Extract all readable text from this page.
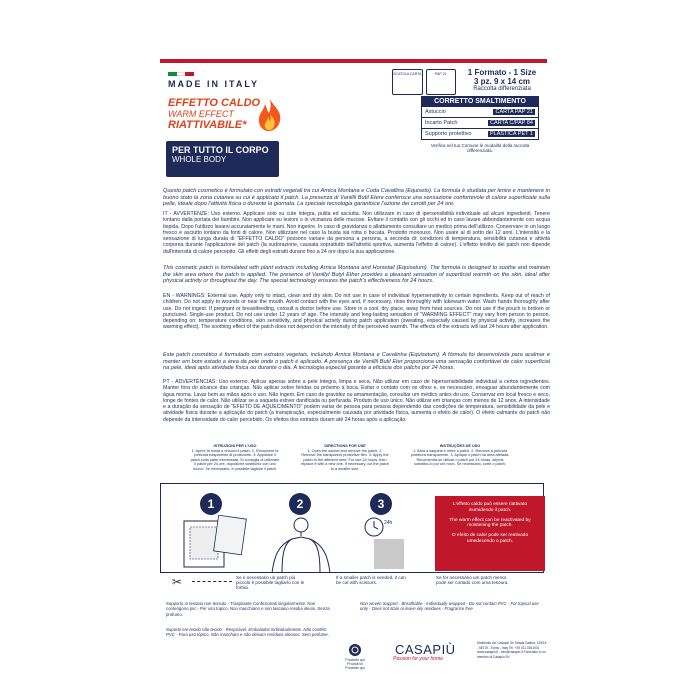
MADE IN ITALY
EFFETTO CALDO
WARM EFFECT
RIATTIVABILE*
PER TUTTO IL CORPO
WHOLE BODY
SCATOLA CARTA	PAP 21	1 Formato - 1 Size
3 pz. 9 x 14 cm
Raccolta differenziata
CORRETTO SMALTIMENTO
Astuccio	CARTA PAP 21
Incarto Patch	CARTA C/PAP 84
Supporto protettivo	PLASTICA PET 1
Verifica nel tuo Comune le modalità della raccolta differenziata.
Questo patch cosmetico è formulato con estratti vegetali tra cui Arnica Montana e Coda Cavallina (Equiseto). La formula è studiata per lenire e mantenere in buono stato la zona cutanea su cui è applicato il patch. La presenza di Vanillil Butil Etere conferisce una sensazione confortevole di calore superficiale sulla pelle, ideale dopo l'attività fisica o durante la giornata. La speciale tecnologia garantisce l'azione dei cerotti per 24 ore.
IT - AVVERTENZE: Uso esterno. Applicare solo su cute integra, pulita ed asciutta. Non utilizzare in caso di ipersensibilità individuale ad alcuni ingredienti. Tenere lontano dalla portata dei bambini. Non applicare su lesioni o in vicinanza delle mucose. Evitare il contatto con gli occhi ed in caso lavare abbondantemente con acqua tiepida. Dopo l'utilizzo lavarsi accuratamente le mani. Non ingerire. In caso di gravidanza o allattamento consultare un medico prima dell'utilizzo. Conservare in un luogo fresco e asciutto lontano da fonti di calore. Non utilizzare nel caso la busta sia rotta o bucata. Prodotto monouso. Non usare al di sotto dei 12 anni. L'intensità e la sensazione di lunga durata di "EFFETTO CALDO" possono variare da persona a persona, a seconda di: condizioni di temperatura, sensibilità cutanea e attività corporea durante l'applicazione del patch (la sudorazione, causata soprattutto dall'attività sportiva, aumenta l'effetto di calore). L'effetto lenitivo del patch non dipende dall'intensità di calore percepito. Gli effetti degli estratti durano fino a 24 ore dopo la sua applicazione.
This cosmetic patch is formulated with plant extracts including Arnica Montana and Horsetail (Equisetum). The formula is designed to soothe and maintain the skin area where the patch is applied. The presence of Vanillyl Butyl Ether provides a pleasant sensation of superficial warmth on the skin, ideal after physical activity or throughout the day. The special technology ensures the patch's effectiveness for 24 hours.
EN - WARNINGS: External use. Apply only to intact, clean and dry skin. Do not use in case of individual hypersensitivity to certain ingredients. Keep out of reach of children. Do not apply to wounds or near the mouth. Avoid contact with the eyes and, if necessary, rinse thoroughly with lukewarm water. Wash hands thoroughly after use. Do not ingest. If pregnant or breastfeeding, consult a doctor before use. Store in a cool, dry place, away from heat sources. Do not use if the pouch is broken or punctured. Single-use product. Do not use under 12 years of age. The intensity and long-lasting sensation of "WARMING EFFECT" may vary from person to person, depending on: temperature conditions, skin sensitivity, and physical activity during patch application (sweating, especially caused by physical activity, increases the warming effect). The soothing effect of the patch does not depend on the intensity of the perceived warmth. The effects of the extracts will last 24 hours after application.
Este patch cosmético é formulado com extratos vegetais, incluindo Arnica Montana e Cavalinha (Equisetum). A fórmula foi desenvolvida para acalmar e manter em bom estado a área da pele onde o patch é aplicado. A presença de Vanillil Butil Eter proporciona uma sensação confortável de calor superficial na pele, ideal após atividade física ou durante o dia. A tecnologia especial garante a eficácia dos patchs por 24 horas.
PT - ADVERTÊNCIAS: Uso externo. Aplicar apenas sobre a pele íntegra, limpa e seca. Não utilizar em caso de hipersensibilidade individual a certos ingredientes. Manter fora do alcance das crianças. Não aplicar sobre feridas ou próximo à boca. Evitar o contato com os olhos e, se necessário, enxaguar abundantemente com água morna. Lavar bem as mãos após o uso. Não ingerir. Em caso de gravidez ou amamentação, consultar um médico antes do uso. Conservar em local fresco e seco, longe de fontes de calor. Não utilizar se a saqueta estiver danificada ou perfurada. Produto de uso único. Não utilizar em crianças com menos de 12 anos. A intensidade e a duração da sensação de "EFEITO DE AQUECIMENTO" podem variar de pessoa para pessoa dependendo das condições de temperatura, sensibilidade da pele e atividade física durante a aplicação do patch (a transpiração, especialmente causada por atividade física, aumenta o efeito de calor). O efeito calmante do patch não depende da intensidade do calor percebido. Os efeitos dos extratos duram até 24 horas após a aplicação.
ISTRUZIONI PER L'USO
1. Aprire la busta e rimuovi il patch. 2. Rimuovere la pellicola trasparente di protezione. 3. Applicare il patch sulla parte interessata. Si consiglia di utilizzare il patch per 24 ore, dopodiché sostituirlo con uno nuovo. Se necessario, è possibile tagliare il patch.
DIRECTIONS FOR USE
1. Open the sachet and remove the patch. 2. Remove the transparent protective film. 3. Apply the patch to the affected area. For use 24 hours, then replace it with a new one. If necessary, cut the patch to a smaller size.
INSTRUÇÕES DE USO
1. Abra a saqueta e retire o patch. 2. Remova a película protetora transparente. 3. Aplique o patch na área afetada. Recomenda-se utilizar o patch por 24 horas, depois substituí-lo por um novo. Se necessário, corte o patch.
1	2	3
24h

L'effetto caldo può essere riattivato inumidendo il patch.

The warm effect can be reactivated by moistening the patch.

O efeito de calor pode ser reativado umedecendo o patch.

✂	Se è necessario un patch più piccolo è possibile tagliarlo con le forbici.
If a smaller patch is needed, it can be cut with scissors.
Se for necessário um patch menor, pode ser cortado com uma tesoura.
Supporto in tessuto non tessuto - Traspirante Confezionati singolarmente. Non contengono pvc - Per uso topico. Non macchiano e non lasciano residui oleosi. Senza profumo.
Non woven Support - Breathable - Individually wrapped - Do not contain PVC - For topical use only - Does not stain or leave oily residues - Fragrance free
Suporte em tecido não tecido - Respirável. Embalados individualmente. Não contêm PVC - Para uso tópico. Não mancham e não deixam resíduos oleosos. Sem perfume.
Prodotto qui Produit ici Prodotto qui
CASAPIÙ
Passion for your home
Distribuito da: Casapiù Srl Strada Gallina, 125/15 - 58719 - Torino - Italy Tel. +39 011 0261001 www.casapiu.it - info@casapiu.it Formulato in un membro di Casapiù Srl
